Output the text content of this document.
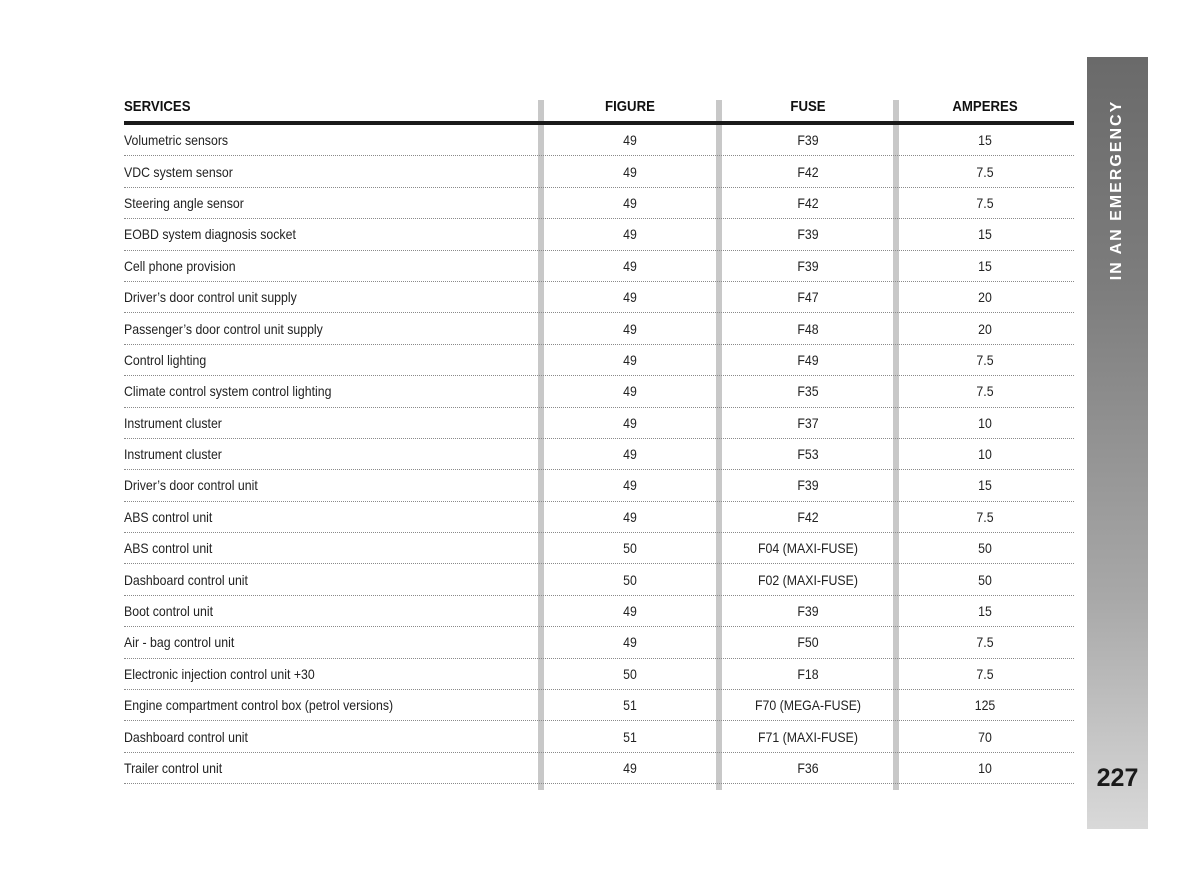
SERVICES	FIGURE	FUSE	AMPERES
Volumetric sensors	49	F39	15
VDC system sensor	49	F42	7.5
Steering angle sensor	49	F42	7.5
EOBD system diagnosis socket	49	F39	15
Cell phone provision	49	F39	15
Driver’s door control unit supply	49	F47	20
Passenger’s door control unit supply	49	F48	20
Control lighting	49	F49	7.5
Climate control system control lighting	49	F35	7.5
Instrument cluster	49	F37	10
Instrument cluster	49	F53	10
Driver’s door control unit	49	F39	15
ABS control unit	49	F42	7.5
ABS control unit	50	F04 (MAXI-FUSE)	50
Dashboard control unit	50	F02 (MAXI-FUSE)	50
Boot control unit	49	F39	15
Air - bag control unit	49	F50	7.5
Electronic injection control unit +30	50	F18	7.5
Engine compartment control box (petrol versions)	51	F70 (MEGA-FUSE)	125
Dashboard control unit	51	F71 (MAXI-FUSE)	70
Trailer control unit	49	F36	10
IN AN EMERGENCY
227
